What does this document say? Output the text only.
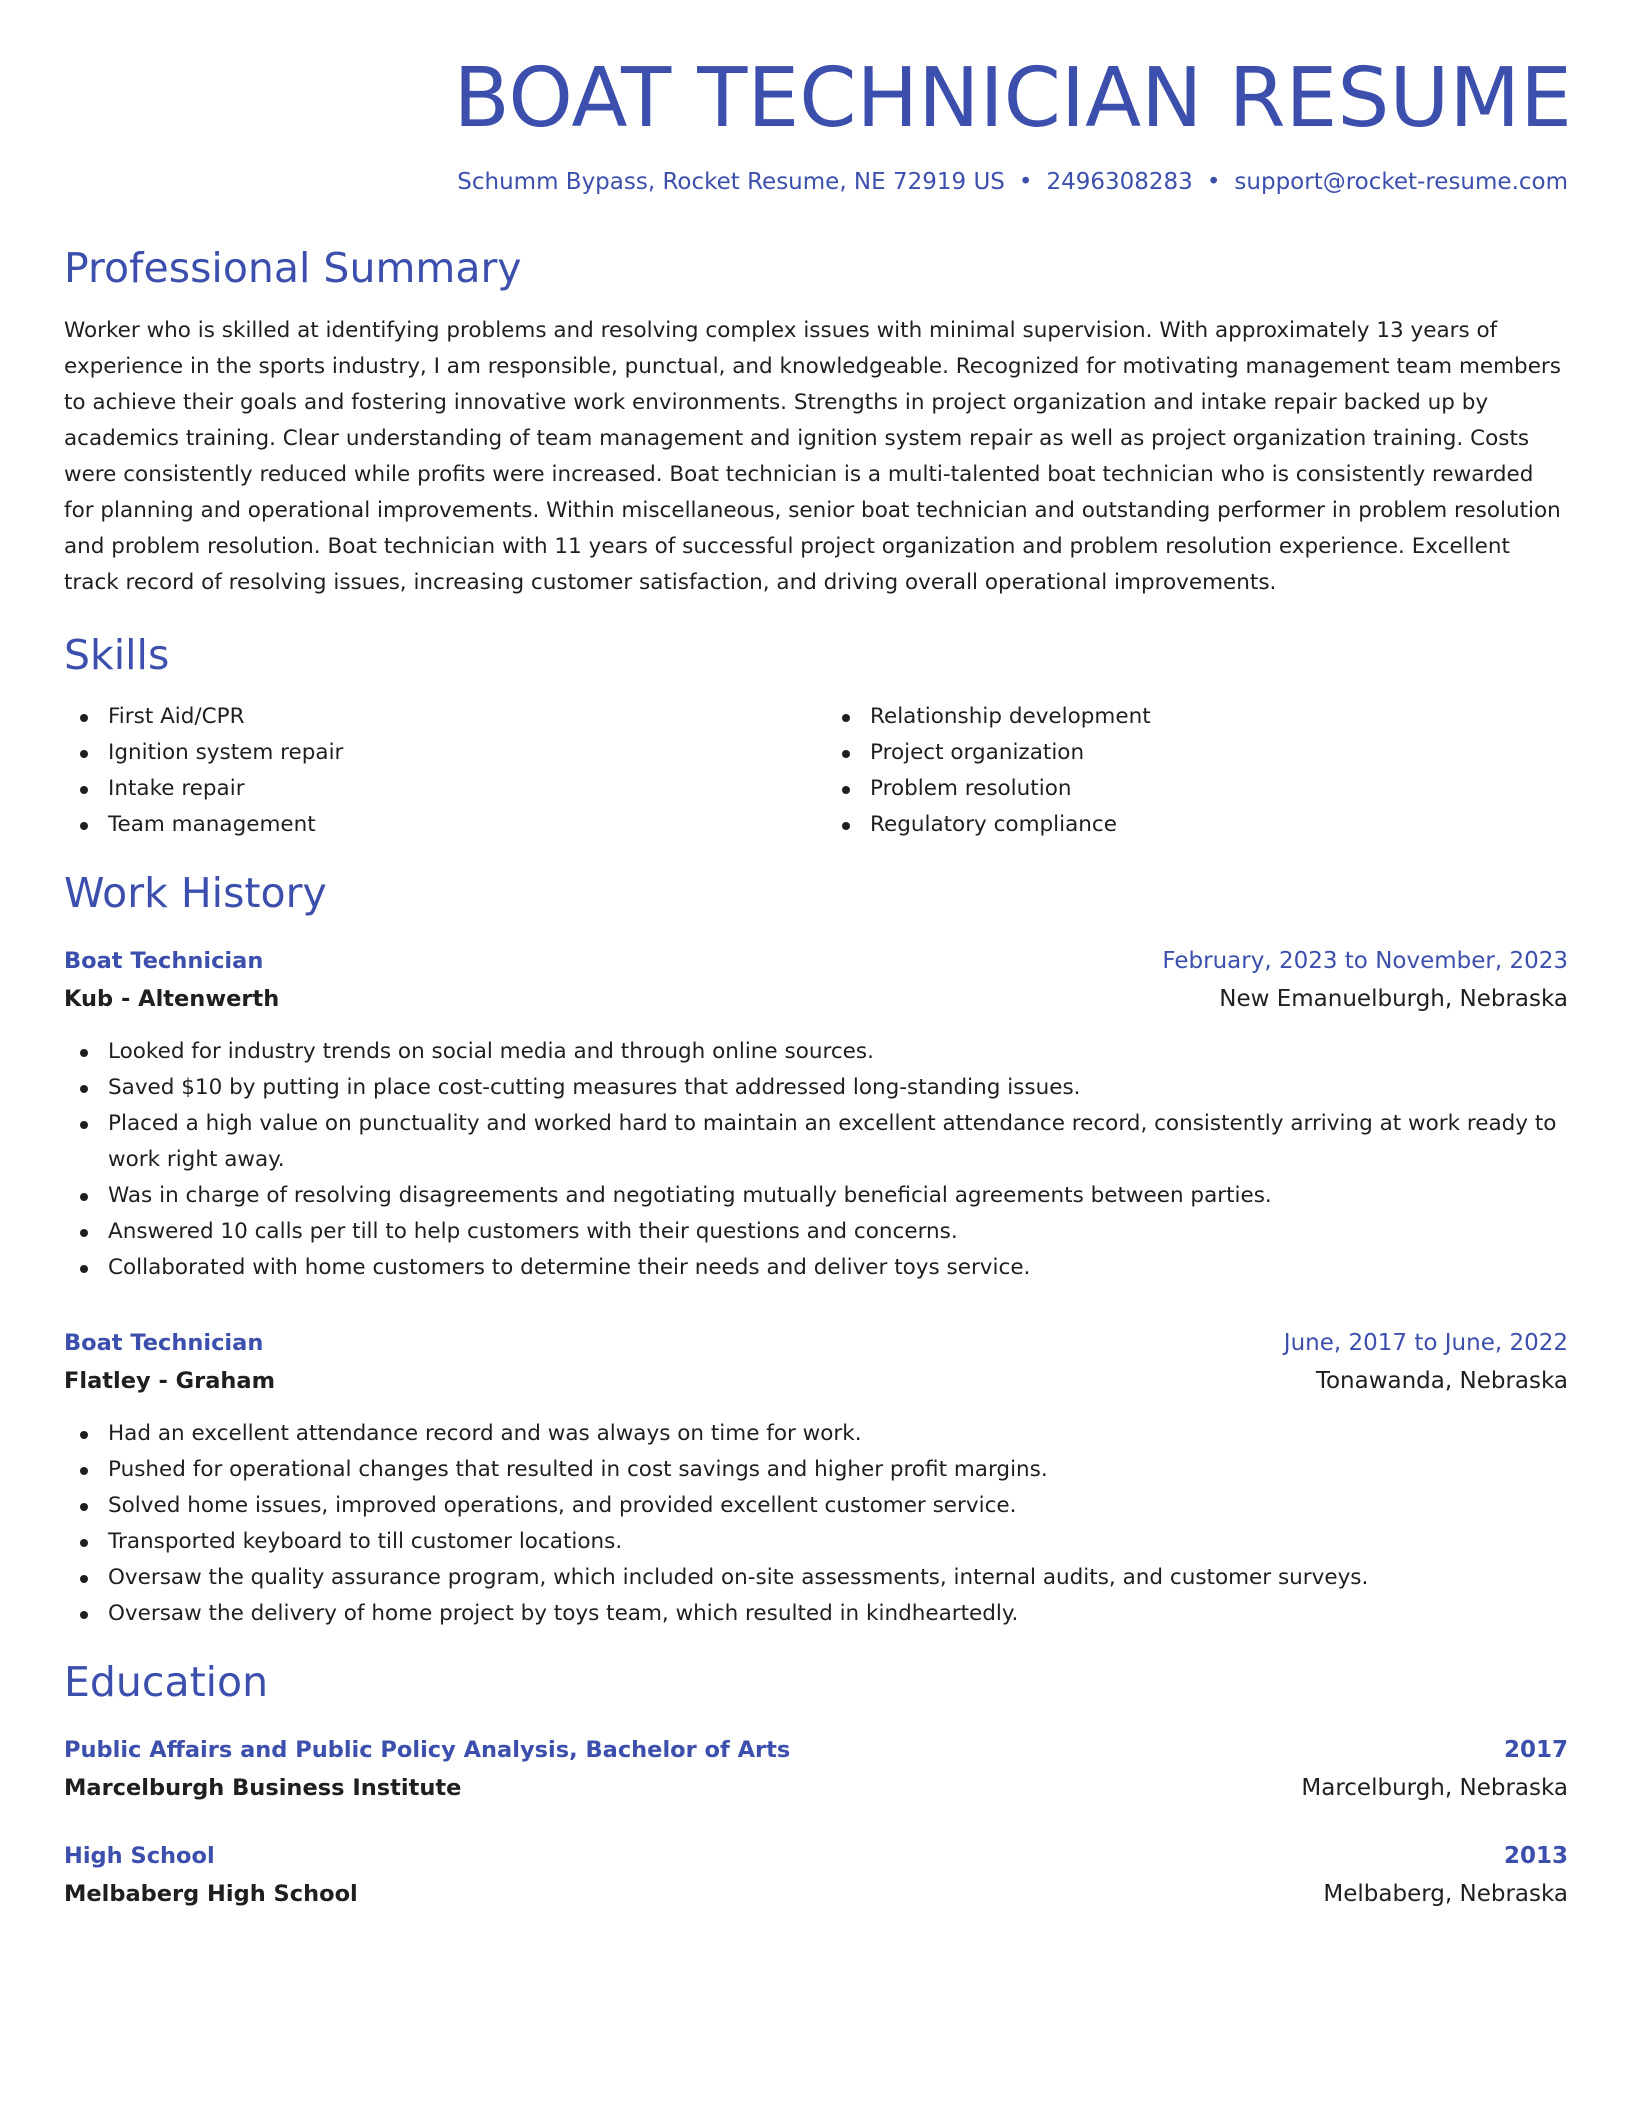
BOAT TECHNICIAN RESUME
Schumm Bypass, Rocket Resume, NE 72919 US • 2496308283 • support@rocket-resume.com
Professional Summary

Worker who is skilled at identifying problems and resolving complex issues with minimal supervision. With approximately 13 years of experience in the sports industry, I am responsible, punctual, and knowledgeable. Recognized for motivating management team members to achieve their goals and fostering innovative work environments. Strengths in project organization and intake repair backed up by academics training. Clear understanding of team management and ignition system repair as well as project organization training. Costs were consistently reduced while profits were increased. Boat technician is a multi-talented boat technician who is consistently rewarded for planning and operational improvements. Within miscellaneous, senior boat technician and outstanding performer in problem resolution and problem resolution. Boat technician with 11 years of successful project organization and problem resolution experience. Excellent track record of resolving issues, increasing customer satisfaction, and driving overall operational improvements.

Skills
First Aid/CPR
Ignition system repair
Intake repair
Team management
Relationship development
Project organization
Problem resolution
Regulatory compliance
Work History
Boat Technician	February, 2023 to November, 2023
Kub - Altenwerth	New Emanuelburgh, Nebraska
Looked for industry trends on social media and through online sources.
Saved $10 by putting in place cost-cutting measures that addressed long-standing issues.
Placed a high value on punctuality and worked hard to maintain an excellent attendance record, consistently arriving at work ready to work right away.
Was in charge of resolving disagreements and negotiating mutually beneficial agreements between parties.
Answered 10 calls per till to help customers with their questions and concerns.
Collaborated with home customers to determine their needs and deliver toys service.
Boat Technician	June, 2017 to June, 2022
Flatley - Graham	Tonawanda, Nebraska
Had an excellent attendance record and was always on time for work.
Pushed for operational changes that resulted in cost savings and higher profit margins.
Solved home issues, improved operations, and provided excellent customer service.
Transported keyboard to till customer locations.
Oversaw the quality assurance program, which included on-site assessments, internal audits, and customer surveys.
Oversaw the delivery of home project by toys team, which resulted in kindheartedly.
Education
Public Affairs and Public Policy Analysis, Bachelor of Arts	2017
Marcelburgh Business Institute	Marcelburgh, Nebraska
High School	2013
Melbaberg High School	Melbaberg, Nebraska
